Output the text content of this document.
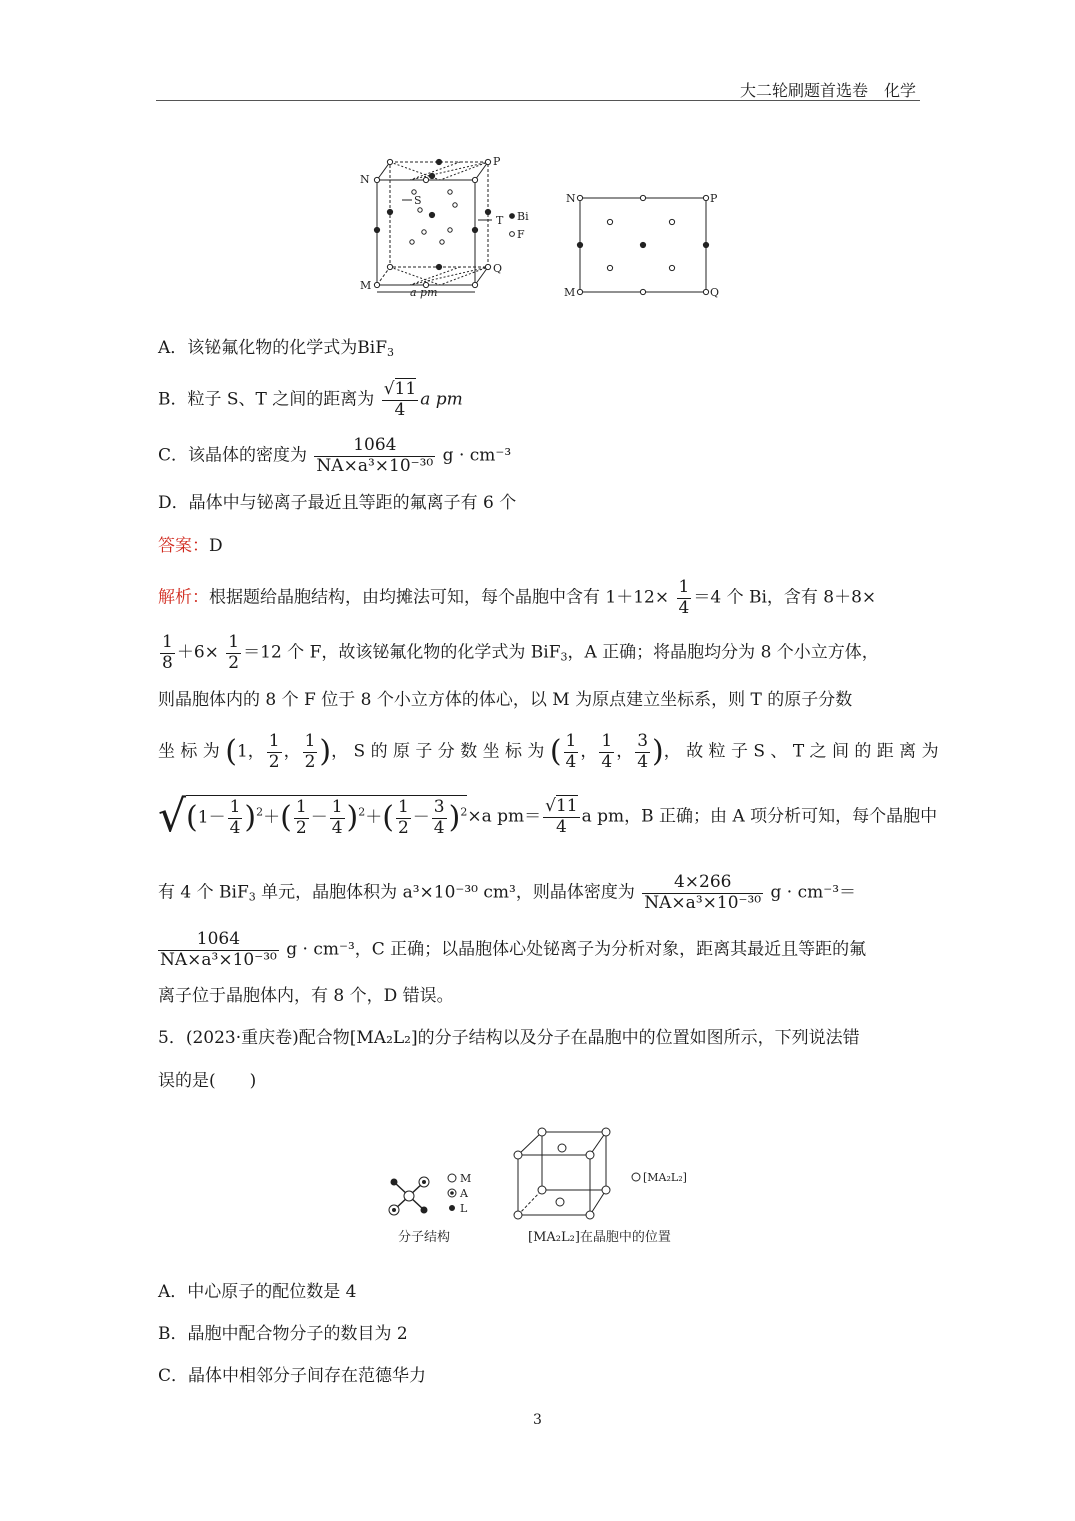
大二轮刷题首选卷　化学
N
P
M
Q
S
T
a pm
Bi
F
N	P
M	Q
A．该铋氟化物的化学式为BiF$_3$
B．粒子 S、T 之间的距离为 $\frac{√11}{4}$ a pm
C．该晶体的密度为 $\frac{1064}{\text{NA×a³×10⁻³⁰}}$ g · cm⁻³
D．晶体中与铋离子最近且等距的氟离子有 6 个
答案：D
解析：根据题给晶胞结构，由均摊法可知，每个晶胞中含有 $1+12\times \frac{1}{4} =4$ 个 Bi，含有 8＋8×
$\frac{1}{8} +6\times \frac{1}{2} =12$ 个 F，故该铋氟化物的化学式为 BiF$_3$，A 正确；将晶胞均分为 8 个小立方体，
则晶胞体内的 8 个 F 位于 8 个小立方体的体心，以 M 为原点建立坐标系，则 T 的原子分数
坐 标 为 (1， $\frac{1}{2}$ ， $\frac{1}{2}$ )， S 的 原 子 分 数 坐 标 为 ( $\frac{1}{4}$ ， $\frac{1}{4}$ ， $\frac{3}{4}$ )， 故 粒 子 S 、 T 之 间 的 距 离 为
$√(1- \frac{1}{4} )^2+( \frac{1}{2} - \frac{1}{4} )^2+( \frac{1}{2} - \frac{3}{4} )^2\times a$ $pm= \frac{√11}{4}$ a pm，B 正确；由 A 项分析可知，每个晶胞中
有 4 个 BiF$_3$ 单元，晶胞体积为 a³×10⁻³⁰ cm³，则晶体密度为 $\frac{4\times 266}{\text{NA×a³×10⁻³⁰}}$ g · cm⁻³＝
$\frac{1064}{\text{NA×a³×10⁻³⁰}}$ g · cm⁻³，C 正确；以晶胞体心处铋离子为分析对象，距离其最近且等距的氟
离子位于晶胞体内，有 8 个，D 错误。
5．(2023·重庆卷)配合物[MA₂L₂]的分子结构以及分子在晶胞中的位置如图所示，下列说法错
误的是(　　)
M
A
L
[MA₂L₂]
分子结构	[MA₂L₂]在晶胞中的位置
A．中心原子的配位数是 4
B．晶胞中配合物分子的数目为 2
C．晶体中相邻分子间存在范德华力
3
